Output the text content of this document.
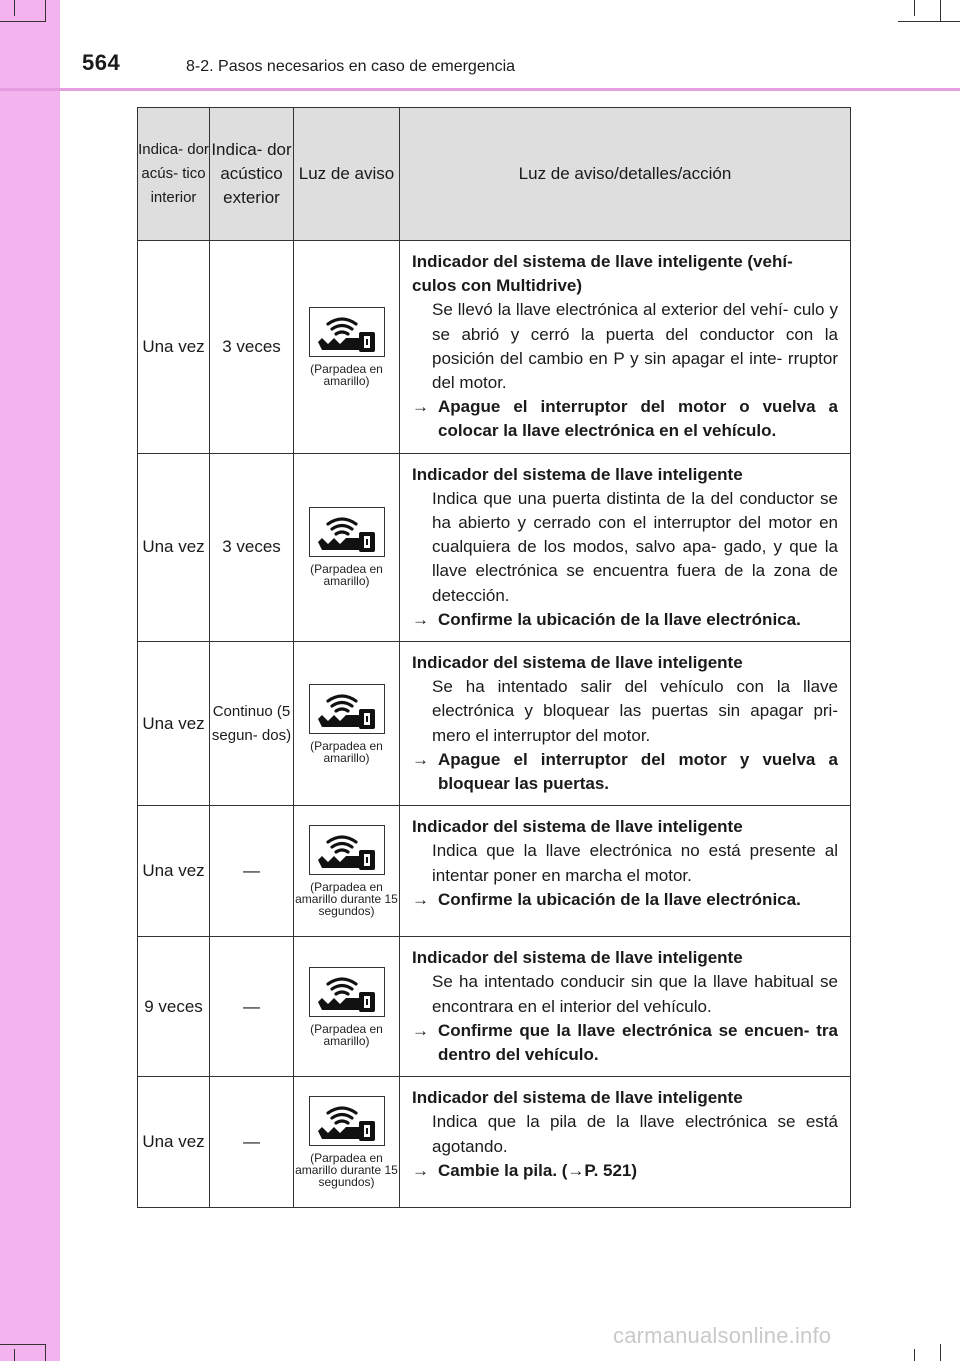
564	8-2. Pasos necesarios en caso de emergencia
Indica- dor acús- tico interior	Indica- dor acústico exterior	Luz de aviso	Luz de aviso/detalles/acción
Una vez	3 veces	(Parpadea en amarillo)	Indicador del sistema de llave inteligente (vehí- culos con Multidrive)
Se llevó la llave electrónica al exterior del vehí- culo y se abrió y cerró la puerta del conductor con la posición del cambio en P y sin apagar el inte- rruptor del motor.
→ Apague el interruptor del motor o vuelva a colocar la llave electrónica en el vehículo.

Una vez	3 veces	(Parpadea en amarillo)	Indicador del sistema de llave inteligente
Indica que una puerta distinta de la del conductor se ha abierto y cerrado con el interruptor del motor en cualquiera de los modos, salvo apa- gado, y que la llave electrónica se encuentra fuera de la zona de detección.
→ Confirme la ubicación de la llave electrónica.

Una vez	Continuo (5 segun- dos)	(Parpadea en amarillo)	Indicador del sistema de llave inteligente
Se ha intentado salir del vehículo con la llave electrónica y bloquear las puertas sin apagar pri- mero el interruptor del motor.
→ Apague el interruptor del motor y vuelva a bloquear las puertas.

Una vez	—	(Parpadea en amarillo durante 15 segundos)	Indicador del sistema de llave inteligente
Indica que la llave electrónica no está presente al intentar poner en marcha el motor.
→ Confirme la ubicación de la llave electrónica.

9 veces	—	(Parpadea en amarillo)	Indicador del sistema de llave inteligente
Se ha intentado conducir sin que la llave habitual se encontrara en el interior del vehículo.
→ Confirme que la llave electrónica se encuen- tra dentro del vehículo.

Una vez	—	(Parpadea en amarillo durante 15 segundos)	Indicador del sistema de llave inteligente
Indica que la pila de la llave electrónica se está agotando.
→ Cambie la pila. (→P. 521)
carmanualsonline.info
